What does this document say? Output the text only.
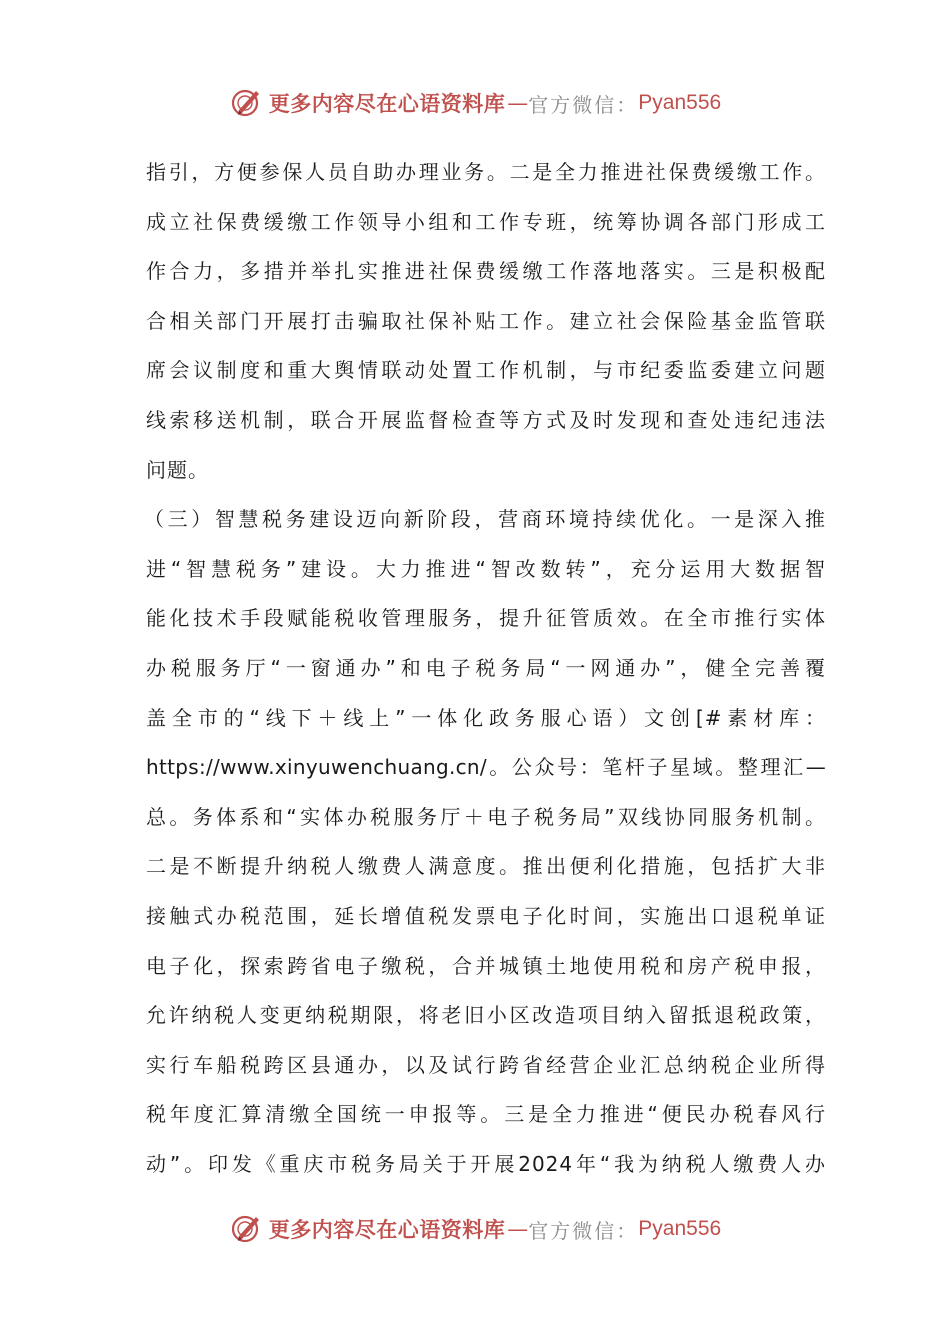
更多内容尽在心语资料库 — 官方微信： Pyan556
指引，方便参保人员自助办理业务。二是全力推进社保费缓缴工作。
成立社保费缓缴工作领导小组和工作专班，统筹协调各部门形成工
作合力，多措并举扎实推进社保费缓缴工作落地落实。三是积极配
合相关部门开展打击骗取社保补贴工作。建立社会保险基金监管联
席会议制度和重大舆情联动处置工作机制，与市纪委监委建立问题
线索移送机制，联合开展监督检查等方式及时发现和查处违纪违法
问题。
（三）智慧税务建设迈向新阶段，营商环境持续优化。一是深入推
进“智慧税务”建设。大力推进“智改数转”，充分运用大数据智
能化技术手段赋能税收管理服务，提升征管质效。在全市推行实体
办税服务厅“一窗通办”和电子税务局“一网通办”，健全完善覆
盖全市的“线下＋线上”一体化政务服心语）文创[#素材库：
https://www.xinyuwenchuang.cn/。公众号：笔杆子星域。整理汇—
总。务体系和“实体办税服务厅＋电子税务局”双线协同服务机制。
二是不断提升纳税人缴费人满意度。推出便利化措施，包括扩大非
接触式办税范围，延长增值税发票电子化时间，实施出口退税单证
电子化，探索跨省电子缴税，合并城镇土地使用税和房产税申报，
允许纳税人变更纳税期限，将老旧小区改造项目纳入留抵退税政策，
实行车船税跨区县通办，以及试行跨省经营企业汇总纳税企业所得
税年度汇算清缴全国统一申报等。三是全力推进“便民办税春风行
动”。印发《重庆市税务局关于开展2024年“我为纳税人缴费人办
更多内容尽在心语资料库 — 官方微信： Pyan556
